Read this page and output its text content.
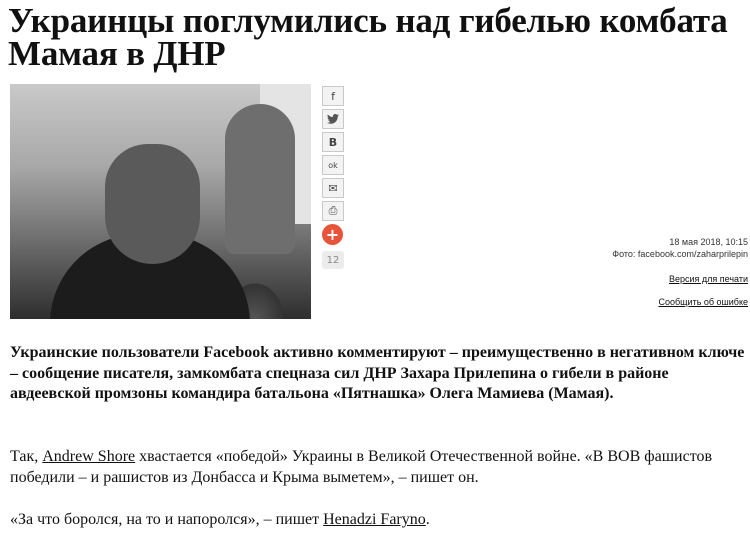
Украинцы поглумились над гибелью комбата Мамая в ДНР
f
В
ok
✉
⎙
+
12
18 мая 2018, 10:15
Фото: facebook.com/zaharprilepin
Версия для печати
Сообщить об ошибке

Украинские пользователи Facebook активно комментируют – преимущественно в негативном ключе – сообщение писателя, замкомбата спецназа сил ДНР Захара Прилепина о гибели в районе авдеевской промзоны командира батальона «Пятнашка» Олега Мамиева (Мамая).

Так, Andrew Shore хвастается «победой» Украины в Великой Отечественной войне. «В ВОВ фашистов победили – и рашистов из Донбасса и Крыма выметем», – пишет он.

«За что боролся, на то и напоролся», – пишет Henadzi Faryno.
